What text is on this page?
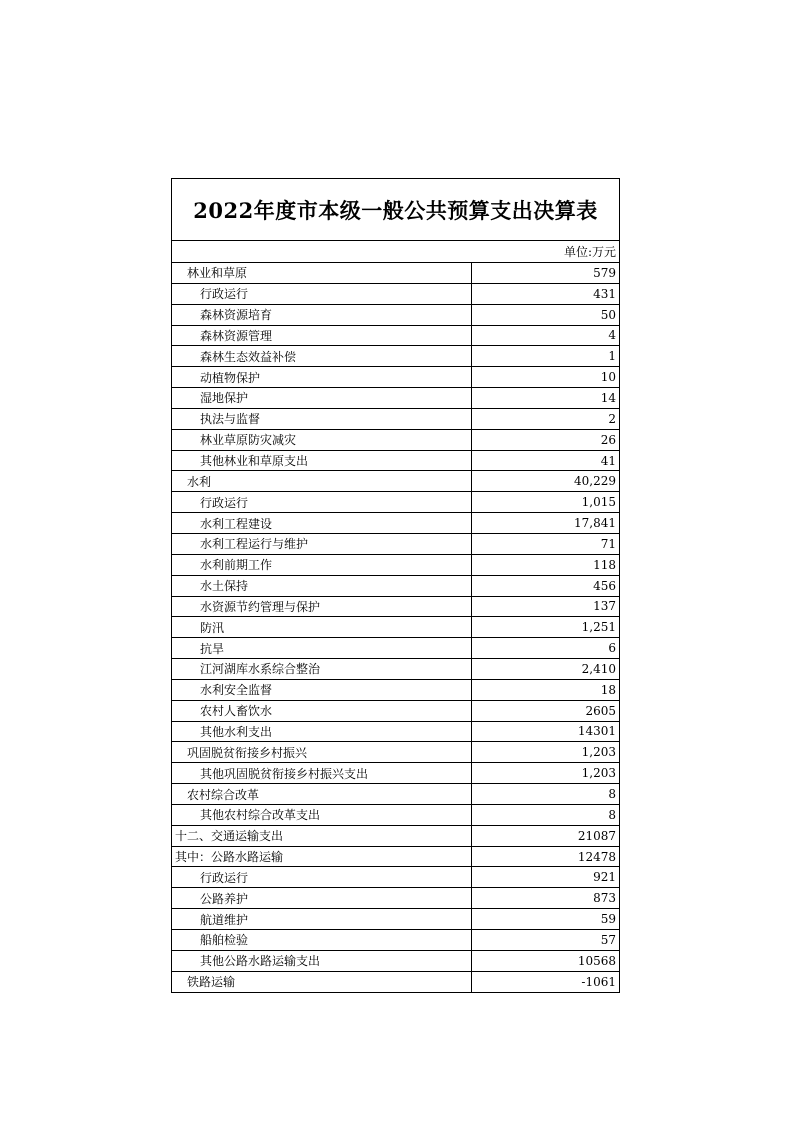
2022年度市本级一般公共预算支出决算表
单位:万元
林业和草原	579
行政运行	431
森林资源培育	50
森林资源管理	4
森林生态效益补偿	1
动植物保护	10
湿地保护	14
执法与监督	2
林业草原防灾减灾	26
其他林业和草原支出	41
水利	40,229
行政运行	1,015
水利工程建设	17,841
水利工程运行与维护	71
水利前期工作	118
水土保持	456
水资源节约管理与保护	137
防汛	1,251
抗旱	6
江河湖库水系综合整治	2,410
水利安全监督	18
农村人畜饮水	2605
其他水利支出	14301
巩固脱贫衔接乡村振兴	1,203
其他巩固脱贫衔接乡村振兴支出	1,203
农村综合改革	8
其他农村综合改革支出	8
十二、交通运输支出	21087
其中：公路水路运输	12478
行政运行	921
公路养护	873
航道维护	59
船舶检验	57
其他公路水路运输支出	10568
铁路运输	-1061
